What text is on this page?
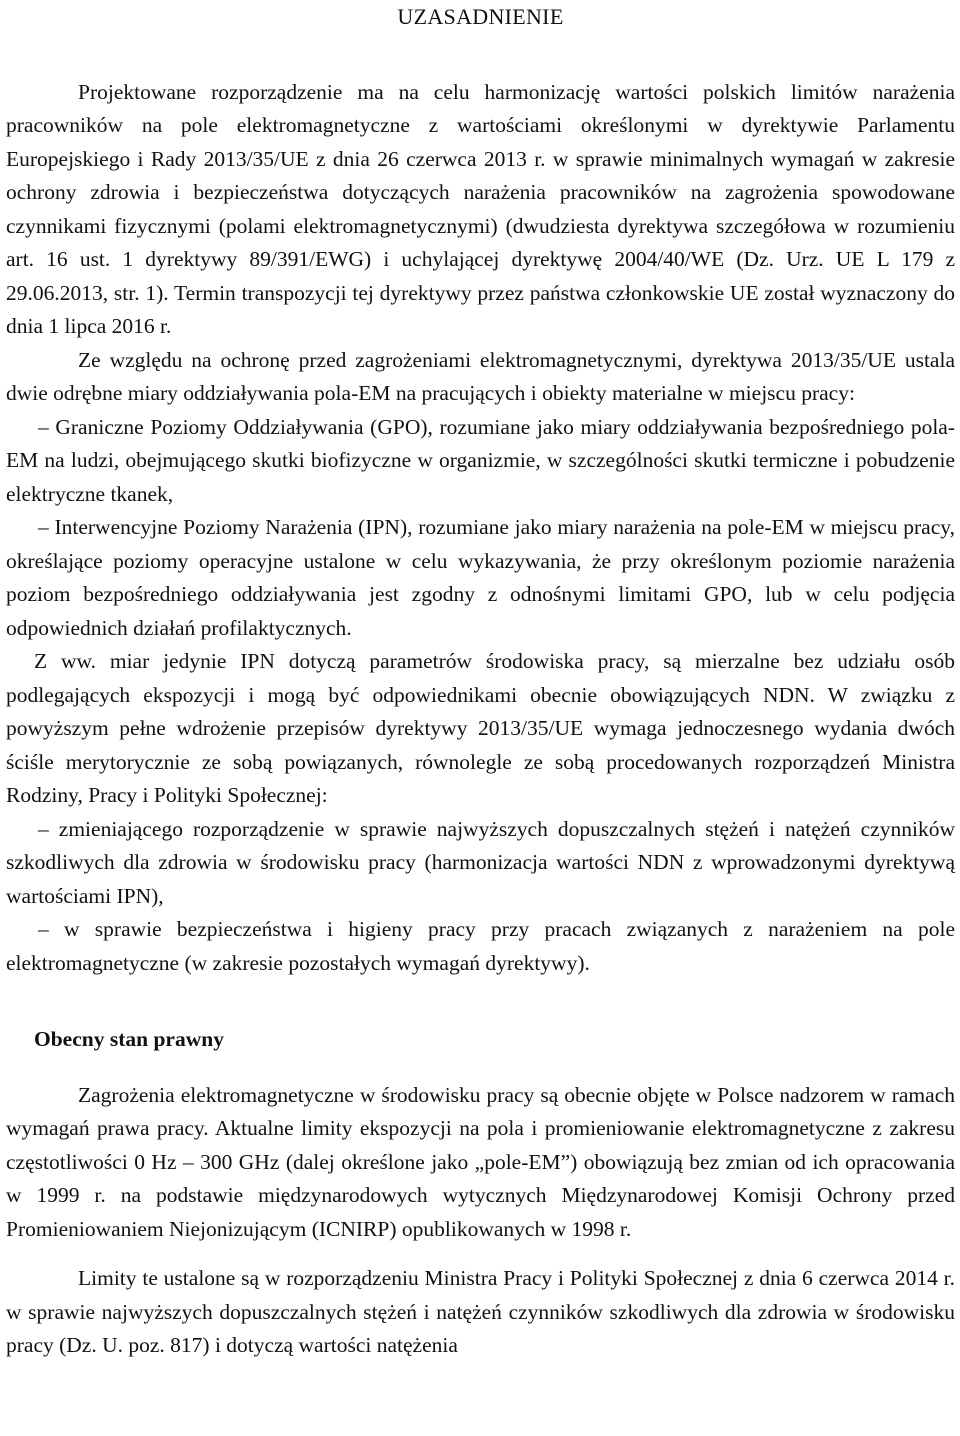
UZASADNIENIE

Projektowane rozporządzenie ma na celu harmonizację wartości polskich limitów narażenia pracowników na pole elektromagnetyczne z wartościami określonymi w dyrektywie Parlamentu Europejskiego i Rady 2013/35/UE z dnia 26 czerwca 2013 r. w sprawie minimalnych wymagań w zakresie ochrony zdrowia i bezpieczeństwa dotyczących narażenia pracowników na zagrożenia spowodowane czynnikami fizycznymi (polami elektromagnetycznymi) (dwudziesta dyrektywa szczegółowa w rozumieniu art. 16 ust. 1 dyrektywy 89/391/EWG) i uchylającej dyrektywę 2004/40/WE (Dz. Urz. UE L 179 z 29.06.2013, str. 1). Termin transpozycji tej dyrektywy przez państwa członkowskie UE został wyznaczony do dnia 1 lipca 2016 r.

Ze względu na ochronę przed zagrożeniami elektromagnetycznymi, dyrektywa 2013/35/UE ustala dwie odrębne miary oddziaływania pola-EM na pracujących i obiekty materialne w miejscu pracy:

– Graniczne Poziomy Oddziaływania (GPO), rozumiane jako miary oddziaływania bezpośredniego pola-EM na ludzi, obejmującego skutki biofizyczne w organizmie, w szczególności skutki termiczne i pobudzenie elektryczne tkanek,

– Interwencyjne Poziomy Narażenia (IPN), rozumiane jako miary narażenia na pole-EM w miejscu pracy, określające poziomy operacyjne ustalone w celu wykazywania, że przy określonym poziomie narażenia poziom bezpośredniego oddziaływania jest zgodny z odnośnymi limitami GPO, lub w celu podjęcia odpowiednich działań profilaktycznych.

Z ww. miar jedynie IPN dotyczą parametrów środowiska pracy, są mierzalne bez udziału osób podlegających ekspozycji i mogą być odpowiednikami obecnie obowiązujących NDN. W związku z powyższym pełne wdrożenie przepisów dyrektywy 2013/35/UE wymaga jednoczesnego wydania dwóch ściśle merytorycznie ze sobą powiązanych, równolegle ze sobą procedowanych rozporządzeń Ministra Rodziny, Pracy i Polityki Społecznej:

– zmieniającego rozporządzenie w sprawie najwyższych dopuszczalnych stężeń i natężeń czynników szkodliwych dla zdrowia w środowisku pracy (harmonizacja wartości NDN z wprowadzonymi dyrektywą wartościami IPN),

– w sprawie bezpieczeństwa i higieny pracy przy pracach związanych z narażeniem na pole elektromagnetyczne (w zakresie pozostałych wymagań dyrektywy).

Obecny stan prawny

Zagrożenia elektromagnetyczne w środowisku pracy są obecnie objęte w Polsce nadzorem w ramach wymagań prawa pracy. Aktualne limity ekspozycji na pola i promieniowanie elektromagnetyczne z zakresu częstotliwości 0 Hz – 300 GHz (dalej określone jako „pole-EM”) obowiązują bez zmian od ich opracowania w 1999 r. na podstawie międzynarodowych wytycznych Międzynarodowej Komisji Ochrony przed Promieniowaniem Niejonizującym (ICNIRP) opublikowanych w 1998 r.

Limity te ustalone są w rozporządzeniu Ministra Pracy i Polityki Społecznej z dnia 6 czerwca 2014 r. w sprawie najwyższych dopuszczalnych stężeń i natężeń czynników szkodliwych dla zdrowia w środowisku pracy (Dz. U. poz. 817) i dotyczą wartości natężenia
